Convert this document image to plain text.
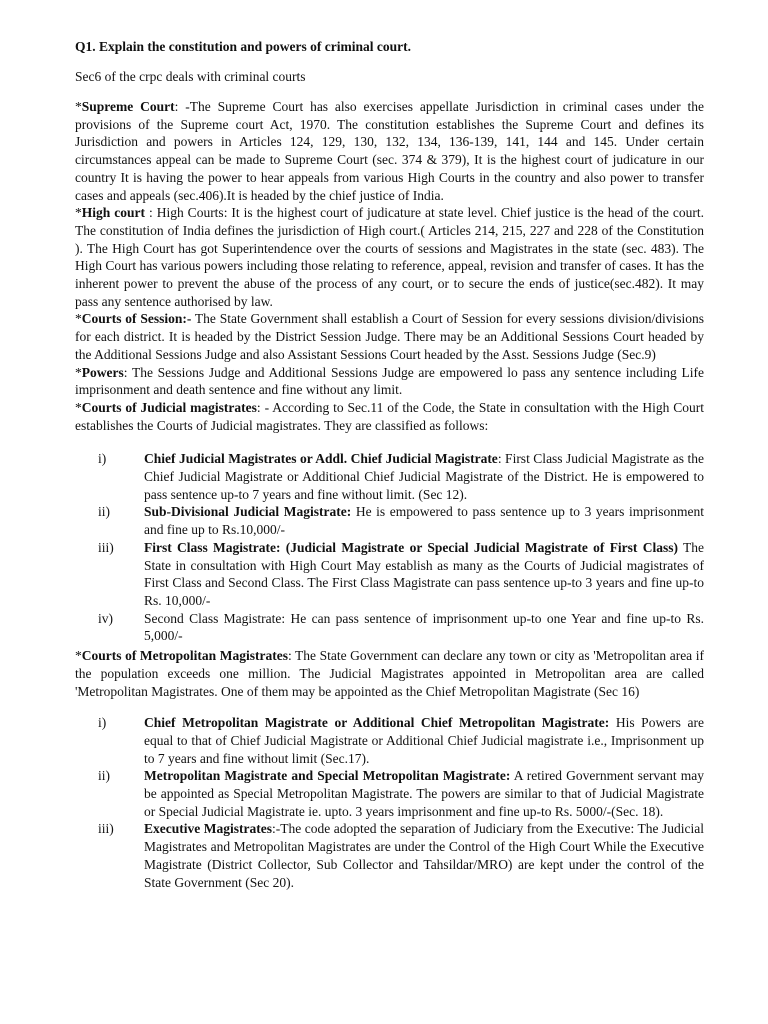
Q1. Explain the constitution and powers of criminal court.

Sec6 of the crpc deals with criminal courts

*Supreme Court: -The Supreme Court has also exercises appellate Jurisdiction in criminal cases under the provisions of the Supreme court Act, 1970. The constitution establishes the Supreme Court and defines its Jurisdiction and powers in Articles 124, 129, 130, 132, 134, 136-139, 141, 144 and 145. Under certain circumstances appeal can be made to Supreme Court (sec. 374 & 379), It is the highest court of judicature in our country It is having the power to hear appeals from various High Courts in the country and also power to transfer cases and appeals (sec.406).It is headed by the chief justice of India.

*High court : High Courts: It is the highest court of judicature at state level. Chief justice is the head of the court. The constitution of India defines the jurisdiction of High court.( Articles 214, 215, 227 and 228 of the Constitution ). The High Court has got Superintendence over the courts of sessions and Magistrates in the state (sec. 483). The High Court has various powers including those relating to reference, appeal, revision and transfer of cases. It has the inherent power to prevent the abuse of the process of any court, or to secure the ends of justice(sec.482). It may pass any sentence authorised by law.

*Courts of Session:- The State Government shall establish a Court of Session for every sessions division/divisions for each district. It is headed by the District Session Judge. There may be an Additional Sessions Court headed by the Additional Sessions Judge and also Assistant Sessions Court headed by the Asst. Sessions Judge (Sec.9)

*Powers: The Sessions Judge and Additional Sessions Judge are empowered lo pass any sentence including Life imprisonment and death sentence and fine without any limit.

*Courts of Judicial magistrates: - According to Sec.11 of the Code, the State in consultation with the High Court establishes the Courts of Judicial magistrates. They are classified as follows:

i)	Chief Judicial Magistrates or Addl. Chief Judicial Magistrate: First Class Judicial Magistrate as the Chief Judicial Magistrate or Additional Chief Judicial Magistrate of the District. He is empowered to pass sentence up-to 7 years and fine without limit. (Sec 12).
ii)	Sub-Divisional Judicial Magistrate: He is empowered to pass sentence up to 3 years imprisonment and fine up to Rs.10,000/-
iii)	First Class Magistrate: (Judicial Magistrate or Special Judicial Magistrate of First Class) The State in consultation with High Court May establish as many as the Courts of Judicial magistrates of First Class and Second Class. The First Class Magistrate can pass sentence up-to 3 years and fine up-to Rs. 10,000/-
iv)	Second Class Magistrate: He can pass sentence of imprisonment up-to one Year and fine up-to Rs. 5,000/-

*Courts of Metropolitan Magistrates: The State Government can declare any town or city as 'Metropolitan area if the population exceeds one million. The Judicial Magistrates appointed in Metropolitan area are called 'Metropolitan Magistrates. One of them may be appointed as the Chief Metropolitan Magistrate (Sec 16)

i)	Chief Metropolitan Magistrate or Additional Chief Metropolitan Magistrate: His Powers are equal to that of Chief Judicial Magistrate or Additional Chief Judicial magistrate i.e., Imprisonment up to 7 years and fine without limit (Sec.17).
ii)	Metropolitan Magistrate and Special Metropolitan Magistrate: A retired Government servant may be appointed as Special Metropolitan Magistrate. The powers are similar to that of Judicial Magistrate or Special Judicial Magistrate ie. upto. 3 years imprisonment and fine up-to Rs. 5000/-(Sec. 18).
iii)	Executive Magistrates:-The code adopted the separation of Judiciary from the Executive: The Judicial Magistrates and Metropolitan Magistrates are under the Control of the High Court While the Executive Magistrate (District Collector, Sub Collector and Tahsildar/MRO) are kept under the control of the State Government (Sec 20).
